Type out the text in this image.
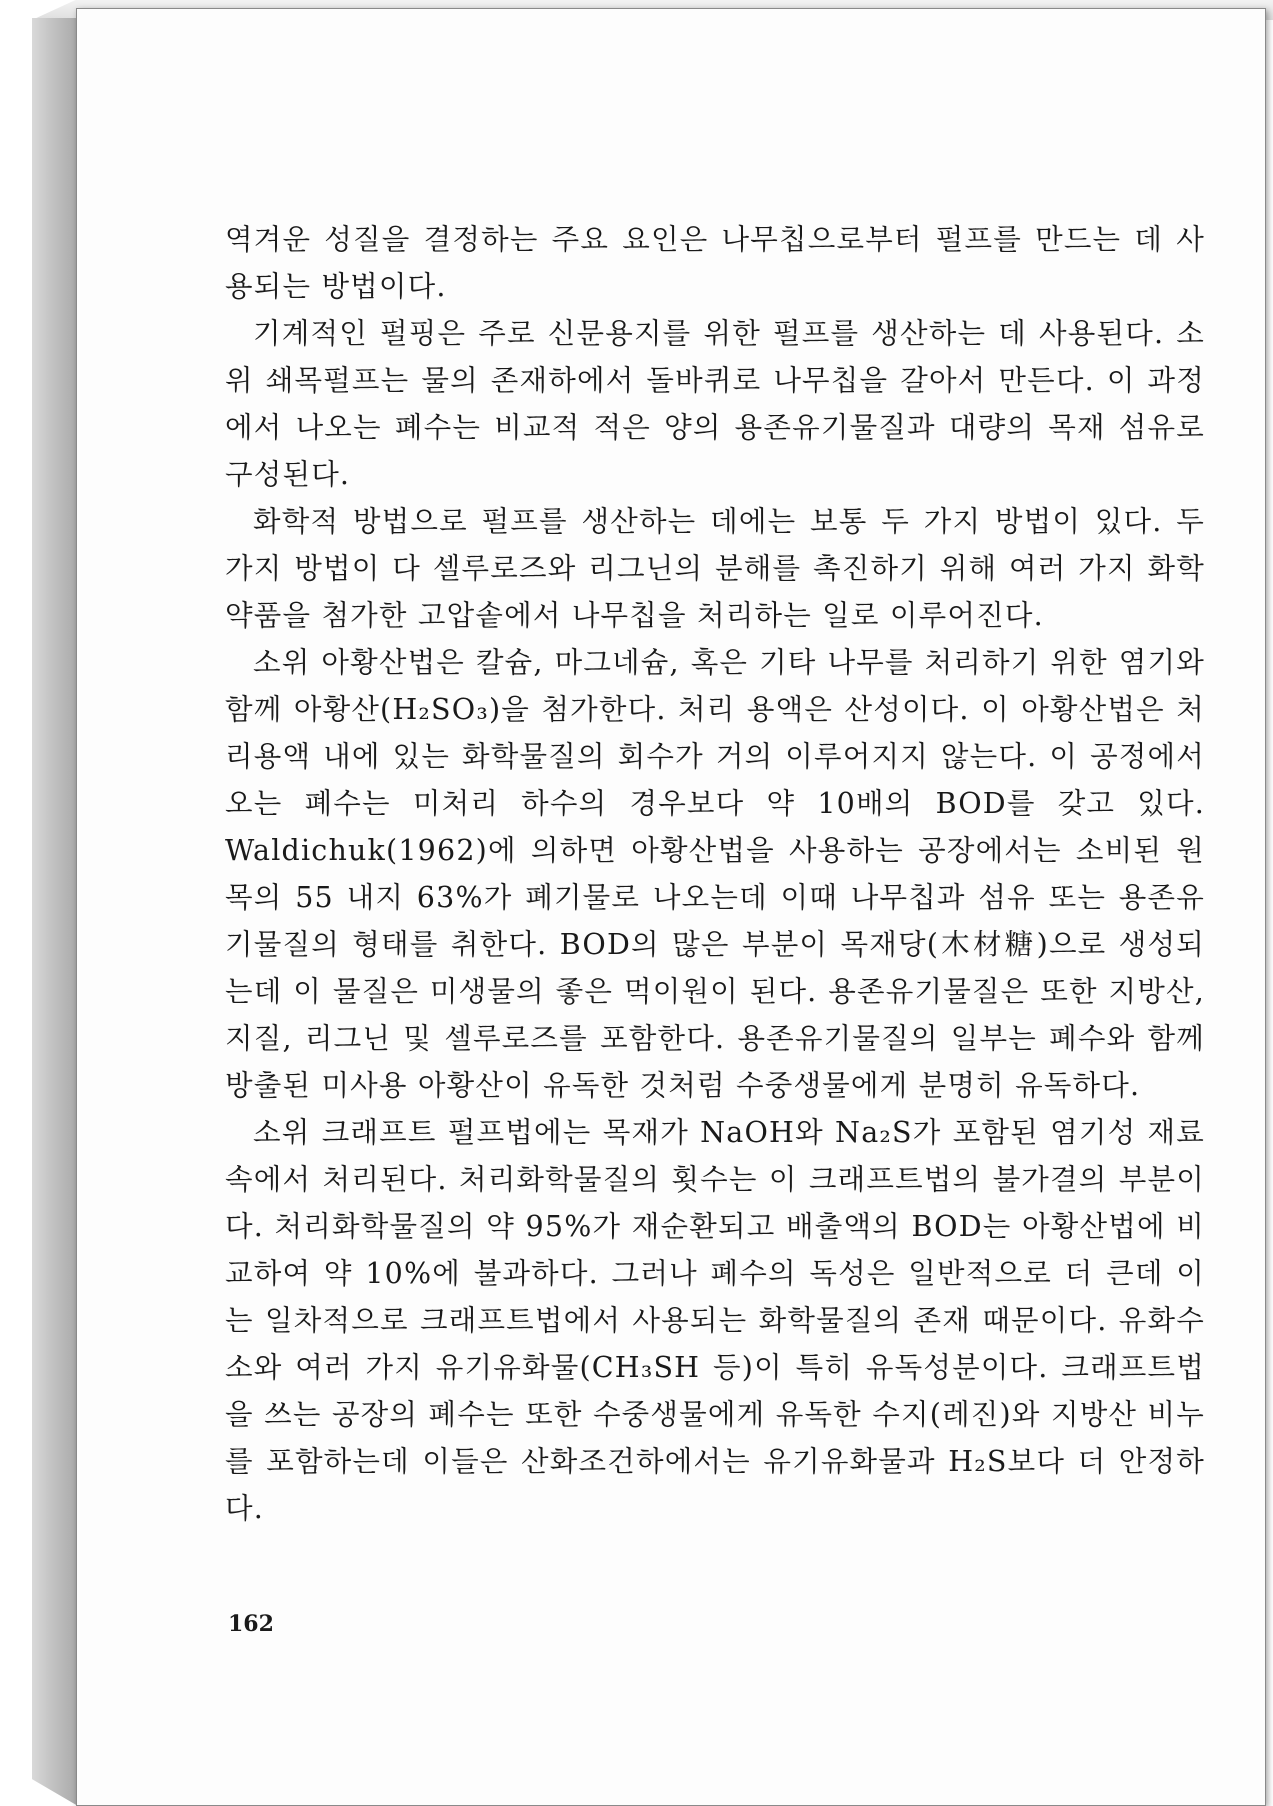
역겨운 성질을 결정하는 주요 요인은 나무칩으로부터 펄프를 만드는 데 사용되는 방법이다.

기계적인 펄핑은 주로 신문용지를 위한 펄프를 생산하는 데 사용된다. 소위 쇄목펄프는 물의 존재하에서 돌바퀴로 나무칩을 갈아서 만든다. 이 과정에서 나오는 폐수는 비교적 적은 양의 용존유기물질과 대량의 목재 섬유로 구성된다.

화학적 방법으로 펄프를 생산하는 데에는 보통 두 가지 방법이 있다. 두 가지 방법이 다 셀루로즈와 리그닌의 분해를 촉진하기 위해 여러 가지 화학 약품을 첨가한 고압솥에서 나무칩을 처리하는 일로 이루어진다.

소위 아황산법은 칼슘, 마그네슘, 혹은 기타 나무를 처리하기 위한 염기와 함께 아황산(H₂SO₃)을 첨가한다. 처리 용액은 산성이다. 이 아황산법은 처리용액 내에 있는 화학물질의 회수가 거의 이루어지지 않는다. 이 공정에서 오는 폐수는 미처리 하수의 경우보다 약 10배의 BOD를 갖고 있다. Waldichuk(1962)에 의하면 아황산법을 사용하는 공장에서는 소비된 원목의 55 내지 63%가 폐기물로 나오는데 이때 나무칩과 섬유 또는 용존유기물질의 형태를 취한다. BOD의 많은 부분이 목재당(木材糖)으로 생성되는데 이 물질은 미생물의 좋은 먹이원이 된다. 용존유기물질은 또한 지방산, 지질, 리그닌 및 셀루로즈를 포함한다. 용존유기물질의 일부는 폐수와 함께 방출된 미사용 아황산이 유독한 것처럼 수중생물에게 분명히 유독하다.

소위 크래프트 펄프법에는 목재가 NaOH와 Na₂S가 포함된 염기성 재료 속에서 처리된다. 처리화학물질의 횟수는 이 크래프트법의 불가결의 부분이다. 처리화학물질의 약 95%가 재순환되고 배출액의 BOD는 아황산법에 비교하여 약 10%에 불과하다. 그러나 폐수의 독성은 일반적으로 더 큰데 이는 일차적으로 크래프트법에서 사용되는 화학물질의 존재 때문이다. 유화수소와 여러 가지 유기유화물(CH₃SH 등)이 특히 유독성분이다. 크래프트법을 쓰는 공장의 폐수는 또한 수중생물에게 유독한 수지(레진)와 지방산 비누를 포함하는데 이들은 산화조건하에서는 유기유화물과 H₂S보다 더 안정하다.

162
